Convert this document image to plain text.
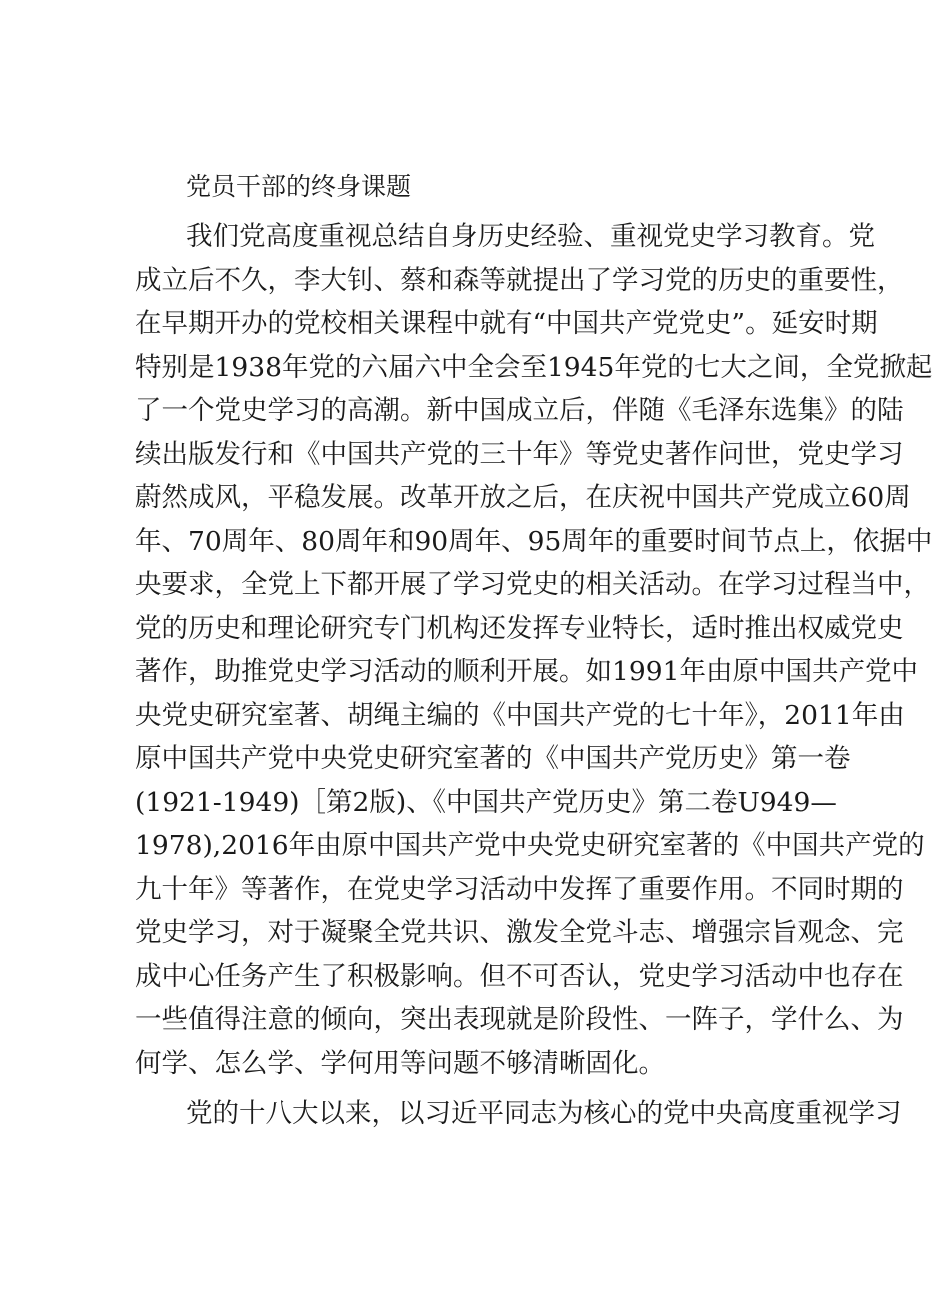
党员干部的终身课题

我们党高度重视总结自身历史经验、重视党史学习教育。党

成立后不久，李大钊、蔡和森等就提出了学习党的历史的重要性，

在早期开办的党校相关课程中就有“中国共产党党史”。延安时期

特别是1938年党的六届六中全会至1945年党的七大之间，全党掀起

了一个党史学习的高潮。新中国成立后，伴随《毛泽东选集》的陆

续出版发行和《中国共产党的三十年》等党史著作问世，党史学习

蔚然成风，平稳发展。改革开放之后，在庆祝中国共产党成立60周

年、70周年、80周年和90周年、95周年的重要时间节点上，依据中

央要求，全党上下都开展了学习党史的相关活动。在学习过程当中，

党的历史和理论研究专门机构还发挥专业特长，适时推出权威党史

著作，助推党史学习活动的顺利开展。如1991年由原中国共产党中

央党史研究室著、胡绳主编的《中国共产党的七十年》，2011年由

原中国共产党中央党史研究室著的《中国共产党历史》第一卷

(1921-1949)［第2版)、《中国共产党历史》第二卷U949—

1978),2016年由原中国共产党中央党史研究室著的《中国共产党的

九十年》等著作，在党史学习活动中发挥了重要作用。不同时期的

党史学习，对于凝聚全党共识、激发全党斗志、增强宗旨观念、完

成中心任务产生了积极影响。但不可否认，党史学习活动中也存在

一些值得注意的倾向，突出表现就是阶段性、一阵子，学什么、为

何学、怎么学、学何用等问题不够清晰固化。

党的十八大以来，以习近平同志为核心的党中央高度重视学习
